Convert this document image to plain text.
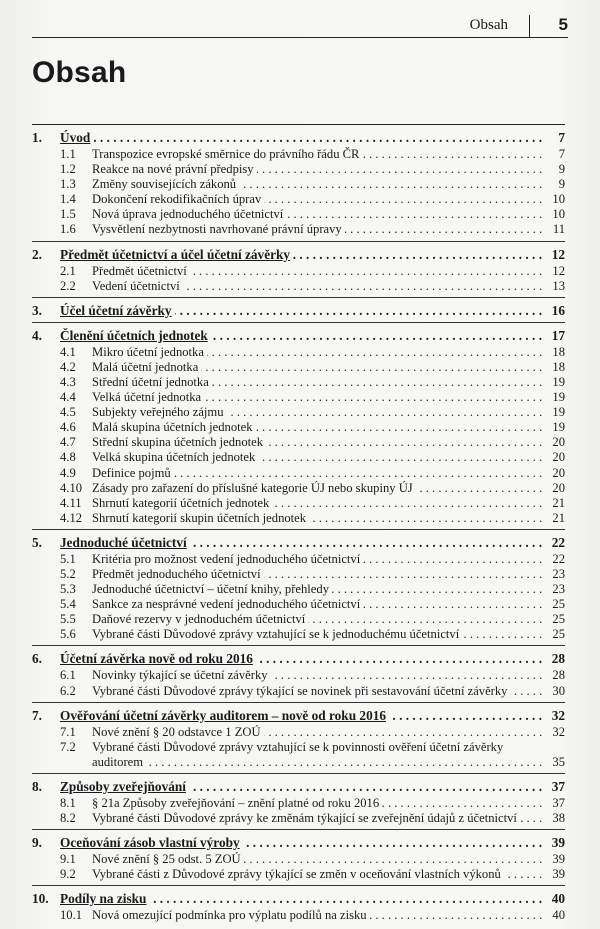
Obsah	5
Obsah
1. Úvod . . .	7
1.1 Transpozice evropské směrnice do právního řádu ČR . . .	7
1.2 Reakce na nové právní předpisy . . .	9
1.3 Změny souvisejících zákonů . . .	9
1.4 Dokončení rekodifikačních úprav . . .	10
1.5 Nová úprava jednoduchého účetnictví . . .	10
1.6 Vysvětlení nezbytnosti navrhované právní úpravy . . .	11
2. Předmět účetnictví a účel účetní závěrky . . .	12
2.1 Předmět účetnictví . . .	12
2.2 Vedení účetnictví . . .	13
3. Účel účetní závěrky . . .	16
4. Členění účetních jednotek . . .	17
4.1 Mikro účetní jednotka . . .	18
4.2 Malá účetní jednotka . . .	18
4.3 Střední účetní jednotka . . .	19
4.4 Velká účetní jednotka . . .	19
4.5 Subjekty veřejného zájmu . . .	19
4.6 Malá skupina účetních jednotek . . .	19
4.7 Střední skupina účetních jednotek . . .	20
4.8 Velká skupina účetních jednotek . . .	20
4.9 Definice pojmů . . .	20
4.10 Zásady pro zařazení do příslušné kategorie ÚJ nebo skupiny ÚJ . . .	20
4.11 Shrnutí kategorií účetních jednotek . . .	21
4.12 Shrnutí kategorií skupin účetních jednotek . . .	21
5. Jednoduché účetnictví . . .	22
5.1 Kritéria pro možnost vedení jednoduchého účetnictví . . .	22
5.2 Předmět jednoduchého účetnictví . . .	23
5.3 Jednoduché účetnictví – účetní knihy, přehledy . . .	23
5.4 Sankce za nesprávné vedení jednoduchého účetnictví . . .	25
5.5 Daňové rezervy v jednoduchém účetnictví . . .	25
5.6 Vybrané části Důvodové zprávy vztahující se k jednoduchému účetnictví . . .	25
6. Účetní závěrka nově od roku 2016 . . .	28
6.1 Novinky týkající se účetní závěrky . . .	28
6.2 Vybrané části Důvodové zprávy týkající se novinek při sestavování účetní závěrky . . .	30
7. Ověřování účetní závěrky auditorem – nově od roku 2016 . . .	32
7.1 Nové znění § 20 odstavce 1 ZOÚ . . .	32
7.2 Vybrané části Důvodové zprávy vztahující se k povinnosti ověření účetní závěrky
auditorem . . .	35
8. Způsoby zveřejňování . . .	37
8.1 § 21a Způsoby zveřejňování – znění platné od roku 2016 . . .	37
8.2 Vybrané části Důvodové zprávy ke změnám týkající se zveřejnění údajů z účetnictví . . .	38
9. Oceňování zásob vlastní výroby . . .	39
9.1 Nové znění § 25 odst. 5 ZOÚ . . .	39
9.2 Vybrané části z Důvodové zprávy týkající se změn v oceňování vlastních výkonů . . .	39
10. Podíly na zisku . . .	40
10.1 Nová omezující podmínka pro výplatu podílů na zisku . . .	40
